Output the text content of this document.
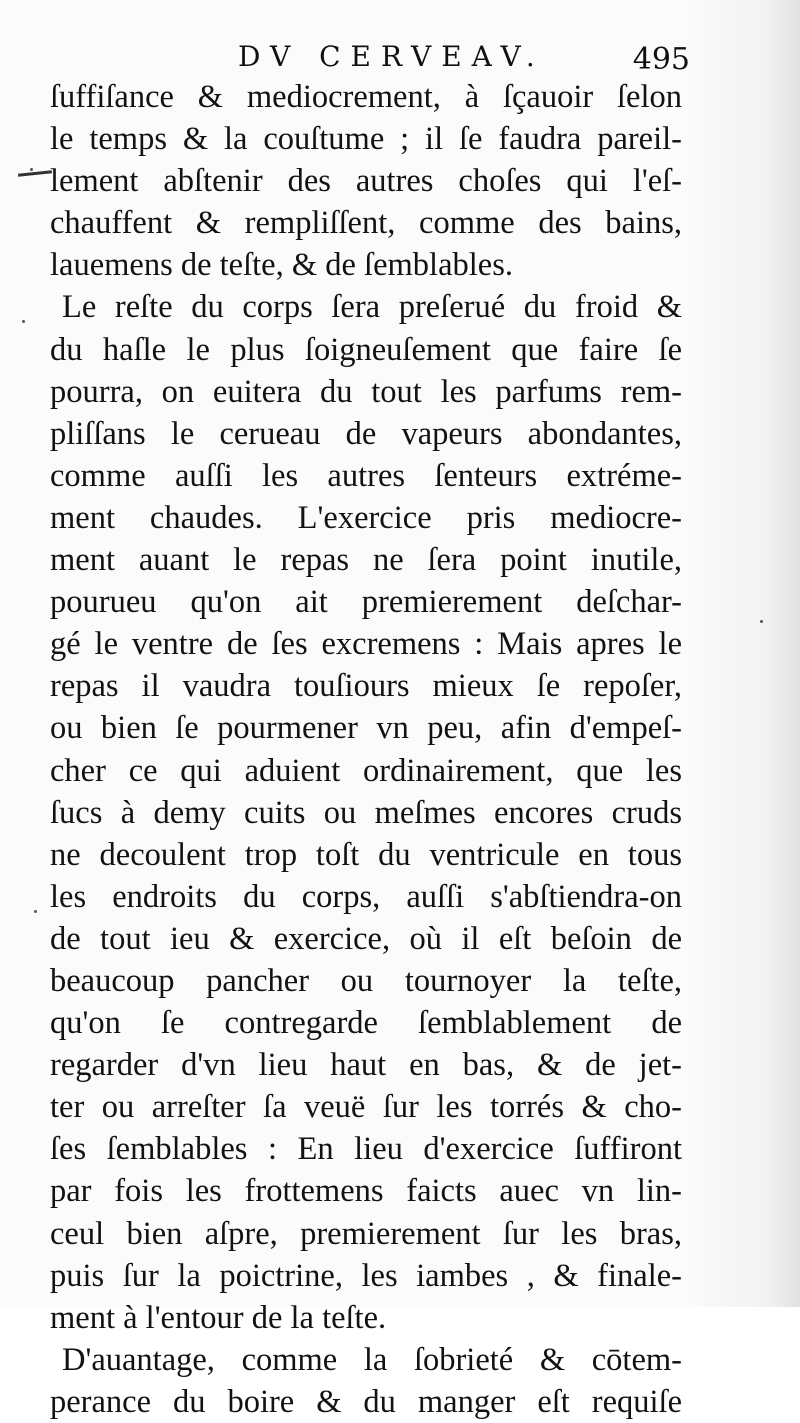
DV CERVEAV.	495
ſuffiſance & mediocrement, à ſçauoir ſelon
le temps & la couſtume ; il ſe faudra pareil-
lement abſtenir des autres choſes qui l'eſ-
chauffent & rempliſſent, comme des bains,
lauemens de teſte, & de ſemblables.
Le reſte du corps ſera preſerué du froid &
du haſle le plus ſoigneuſement que faire ſe
pourra, on euitera du tout les parfums rem-
pliſſans le cerueau de vapeurs abondantes,
comme auſſi les autres ſenteurs extréme-
ment chaudes. L'exercice pris mediocre-
ment auant le repas ne ſera point inutile,
pourueu qu'on ait premierement deſchar-
gé le ventre de ſes excremens : Mais apres le
repas il vaudra touſiours mieux ſe repoſer,
ou bien ſe pourmener vn peu, afin d'empeſ-
cher ce qui aduient ordinairement, que les
ſucs à demy cuits ou meſmes encores cruds
ne decoulent trop toſt du ventricule en tous
les endroits du corps, auſſi s'abſtiendra-on
de tout ieu & exercice, où il eſt beſoin de
beaucoup pancher ou tournoyer la teſte,
qu'on ſe contregarde ſemblablement de
regarder d'vn lieu haut en bas, & de jet-
ter ou arreſter ſa veuë ſur les torrés & cho-
ſes ſemblables : En lieu d'exercice ſuffiront
par fois les frottemens faicts auec vn lin-
ceul bien aſpre, premierement ſur les bras,
puis ſur la poictrine, les iambes , & finale-
ment à l'entour de la teſte.
D'auantage, comme la ſobrieté & cōtem-
perance du boire & du manger eſt requiſe
